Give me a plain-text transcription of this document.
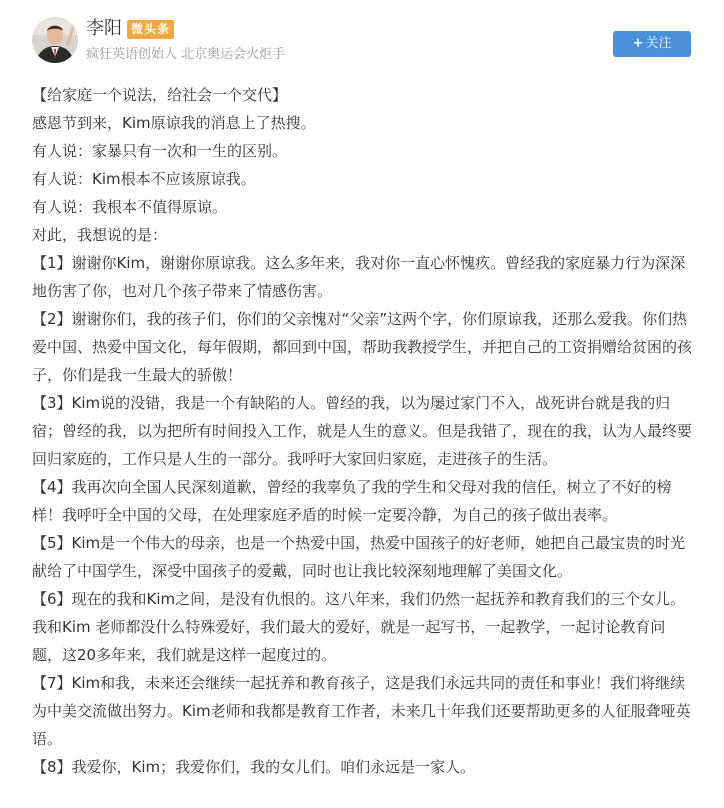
李阳 微头条
疯狂英语创始人 北京奥运会火炬手
+ 关注

【给家庭一个说法，给社会一个交代】

感恩节到来，Kim原谅我的消息上了热搜。

有人说：家暴只有一次和一生的区别。

有人说：Kim根本不应该原谅我。

有人说：我根本不值得原谅。

对此，我想说的是：

【1】谢谢你Kim，谢谢你原谅我。这么多年来，我对你一直心怀愧疚。曾经我的家庭暴力行为深深地伤害了你，也对几个孩子带来了情感伤害。

【2】谢谢你们，我的孩子们，你们的父亲愧对“父亲”这两个字，你们原谅我，还那么爱我。你们热爱中国、热爱中国文化，每年假期，都回到中国，帮助我教授学生，并把自己的工资捐赠给贫困的孩子，你们是我一生最大的骄傲！

【3】Kim说的没错，我是一个有缺陷的人。曾经的我，以为屡过家门不入，战死讲台就是我的归宿；曾经的我，以为把所有时间投入工作，就是人生的意义。但是我错了，现在的我，认为人最终要回归家庭的，工作只是人生的一部分。我呼吁大家回归家庭，走进孩子的生活。

【4】我再次向全国人民深刻道歉，曾经的我辜负了我的学生和父母对我的信任，树立了不好的榜样！我呼吁全中国的父母，在处理家庭矛盾的时候一定要冷静，为自己的孩子做出表率。

【5】Kim是一个伟大的母亲，也是一个热爱中国，热爱中国孩子的好老师，她把自己最宝贵的时光献给了中国学生，深受中国孩子的爱戴，同时也让我比较深刻地理解了美国文化。

【6】现在的我和Kim之间，是没有仇恨的。这八年来，我们仍然一起抚养和教育我们的三个女儿。我和Kim 老师都没什么特殊爱好，我们最大的爱好，就是一起写书，一起教学，一起讨论教育问题，这20多年来，我们就是这样一起度过的。

【7】Kim和我，未来还会继续一起抚养和教育孩子，这是我们永远共同的责任和事业！我们将继续为中美交流做出努力。Kim老师和我都是教育工作者，未来几十年我们还要帮助更多的人征服聋哑英语。

【8】我爱你，Kim；我爱你们，我的女儿们。咱们永远是一家人。
